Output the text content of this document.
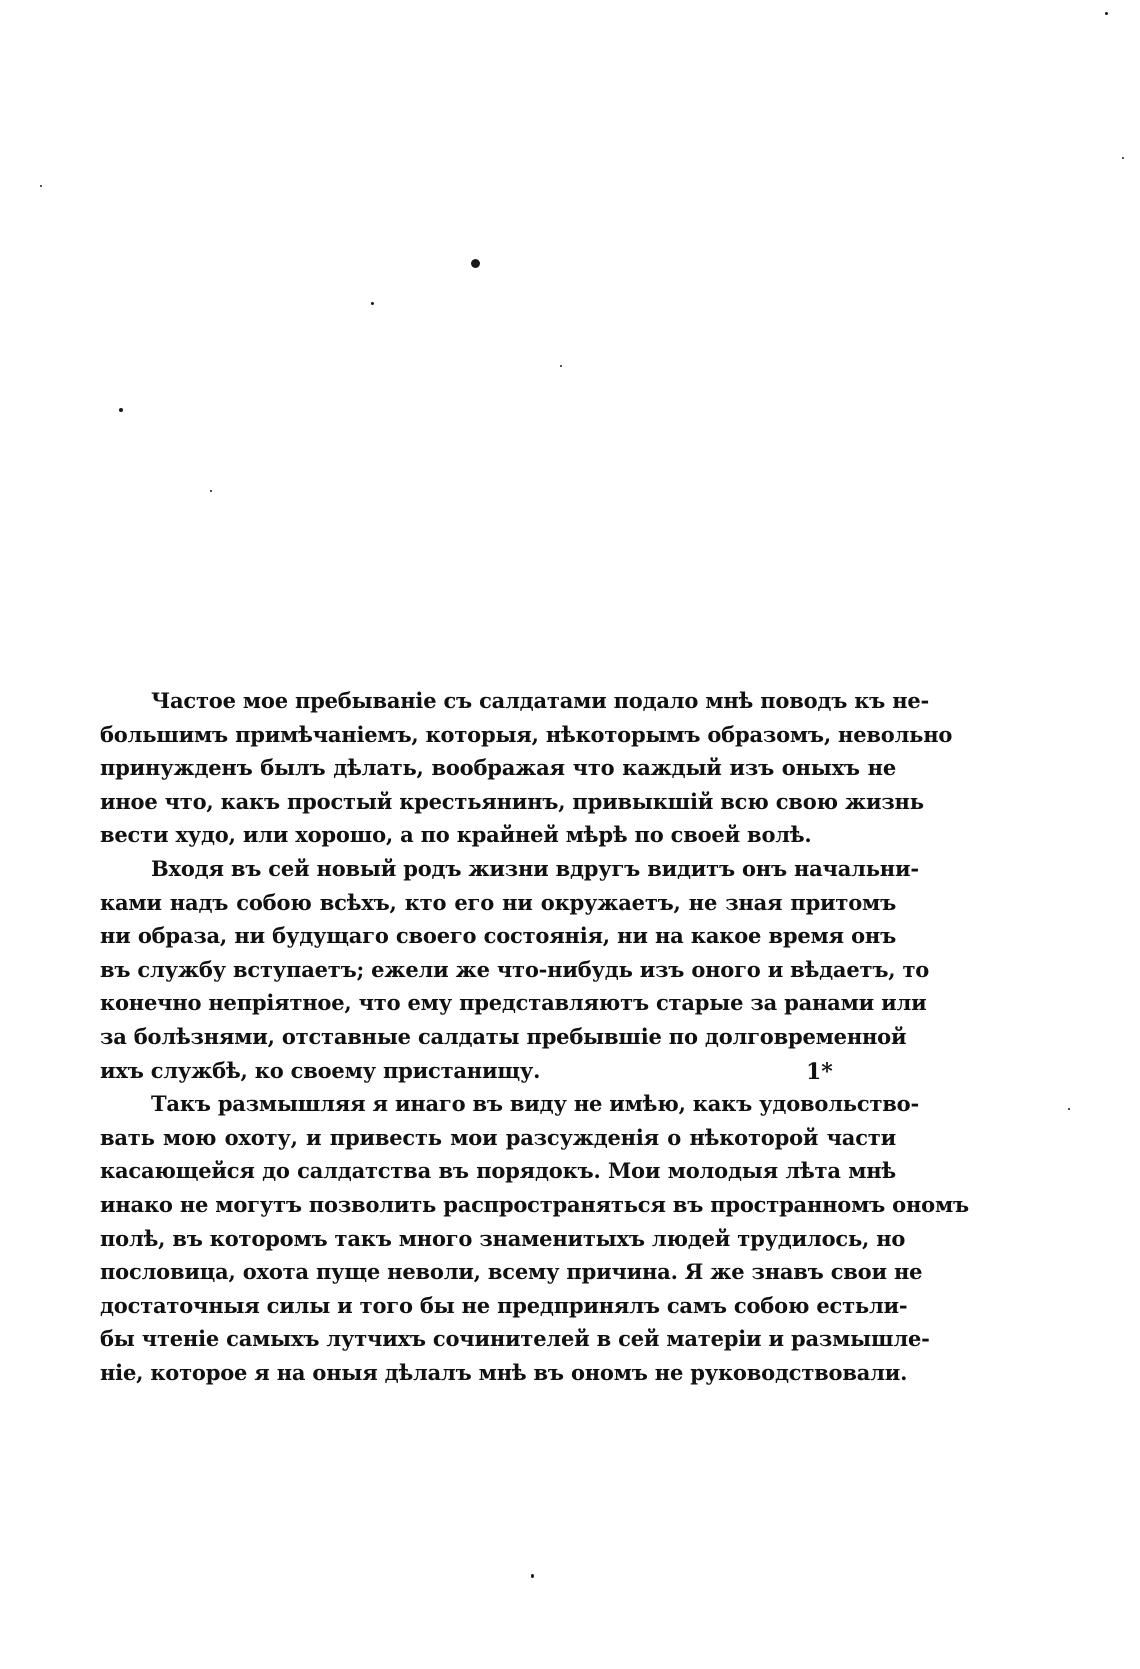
Частое мое пребыванiе съ салдатами подало мнѣ поводъ къ не-
большимъ примѣчанiемъ, которыя, нѣкоторымъ образомъ, невольно
принужденъ былъ дѣлать, воображая что каждый изъ оныхъ не
иное что, какъ простый крестьянинъ, привыкшiй всю свою жизнь
вести худо, или хорошо, а по крайней мѣрѣ по своей волѣ.
Входя въ сей новый родъ жизни вдругъ видитъ онъ начальни-
ками надъ собою всѣхъ, кто его ни окружаетъ, не зная притомъ
ни образа, ни будущаго своего состоянiя, ни на какое время онъ
въ службу вступаетъ; ежели же что-нибудь изъ оного и вѣдаетъ, то
конечно непрiятное, что ему представляютъ старые за ранами или
за болѣзнями, отставные салдаты пребывшiе по долговременной
ихъ службѣ, ко своему пристанищу.
Такъ размышляя я инаго въ виду не имѣю, какъ удовольство-
вать мою охоту, и привесть мои разсужденiя о нѣкоторой части
касающейся до салдатства въ порядокъ. Мои молодыя лѣта мнѣ
инако не могутъ позволить распространяться въ пространномъ ономъ
полѣ, въ которомъ такъ много знаменитыхъ людей трудилось, но
пословица, охота пуще неволи, всему причина. Я же знавъ свои не
достаточныя силы и того бы не предпринялъ самъ собою естьли-
бы чтенiе самыхъ лутчихъ сочинителей в сей матерiи и размышле-
нiе, которое я на оныя дѣлалъ мнѣ въ ономъ не руководствовали.
1*
